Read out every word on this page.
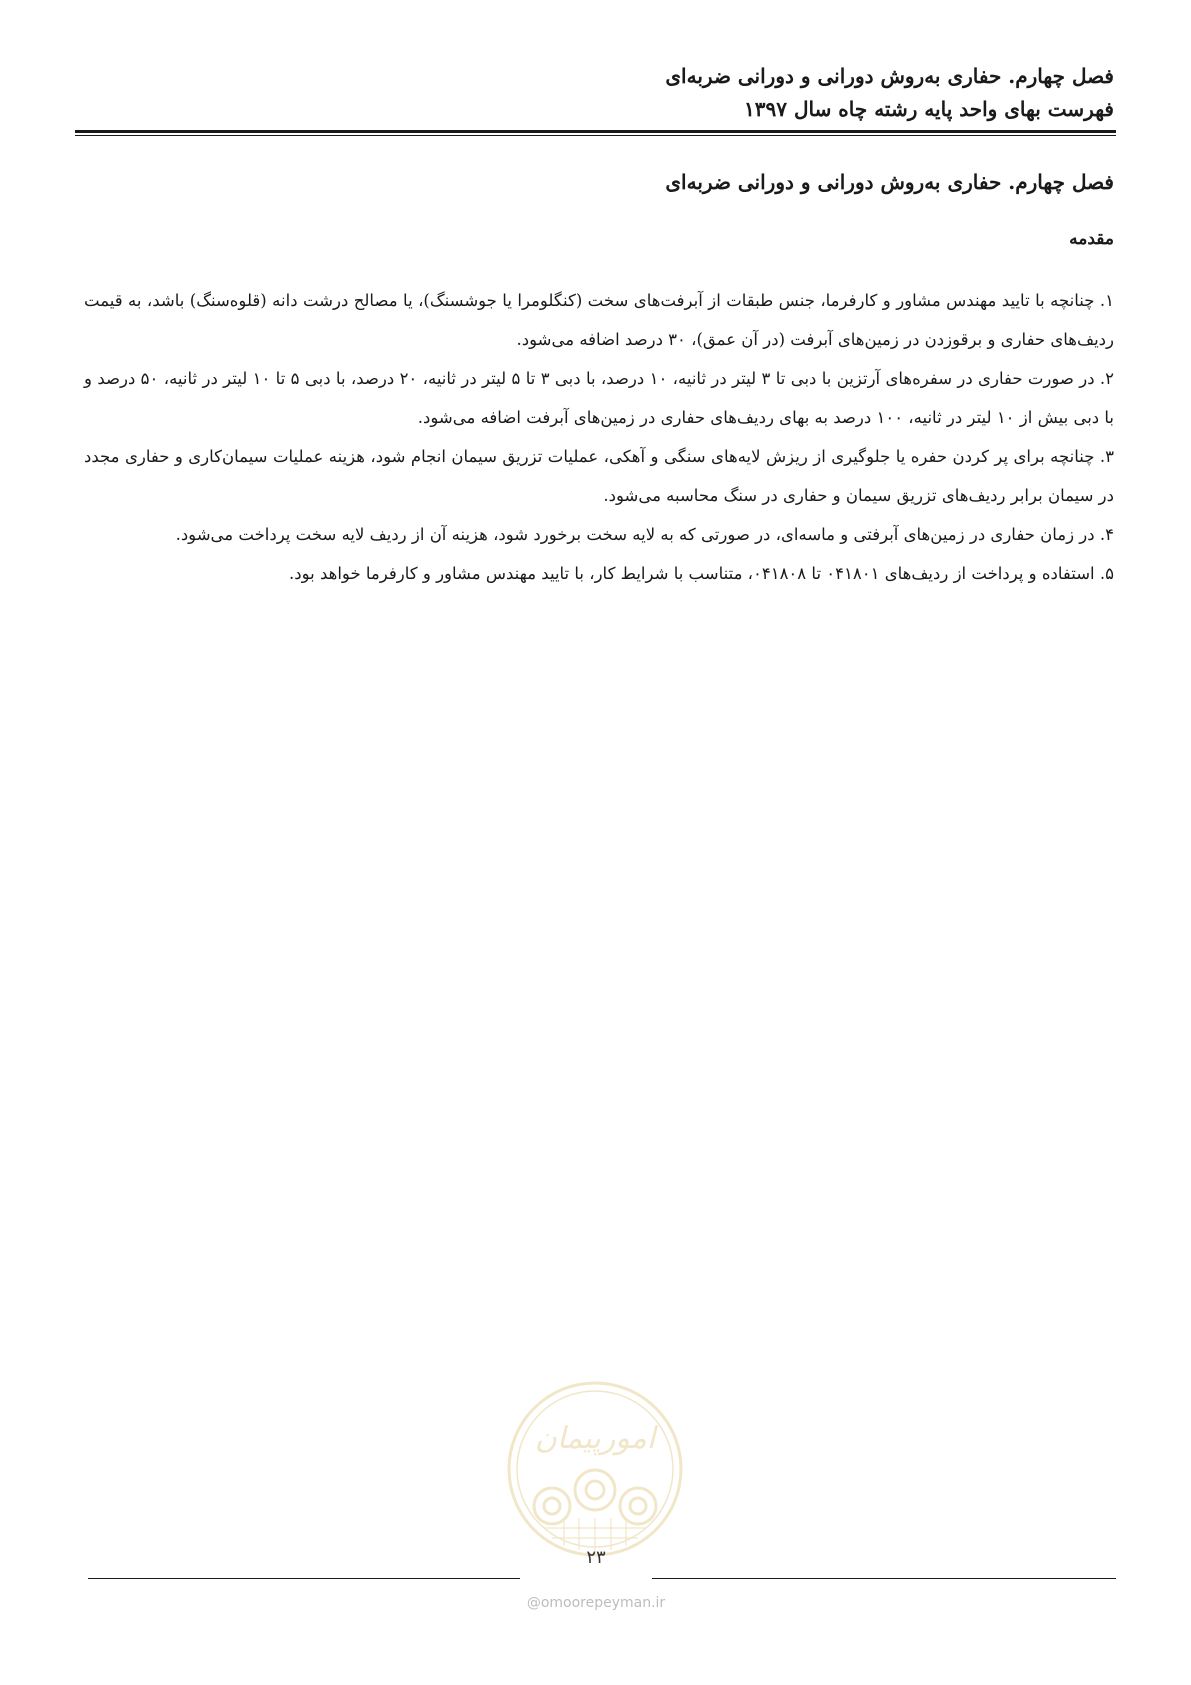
فصل چهارم. حفاری به‌روش دورانی و دورانی ضربه‌ای
فهرست بهای واحد پایه رشته چاه سال ۱۳۹۷
فصل چهارم. حفاری به‌روش دورانی و دورانی ضربه‌ای
مقدمه
۱. چنانچه با تایید مهندس مشاور و کارفرما، جنس طبقات از آبرفت‌های سخت (کنگلومرا یا جوشسنگ)، یا مصالح درشت دانه (قلوه‌سنگ) باشد، به قیمت ردیف‌های حفاری و برقوزدن در زمین‌های آبرفت (در آن عمق)، ۳۰ درصد اضافه می‌شود.
۲. در صورت حفاری در سفره‌های آرتزین با دبی تا ۳ لیتر در ثانیه، ۱۰ درصد، با دبی ۳ تا ۵ لیتر در ثانیه، ۲۰ درصد، با دبی ۵ تا ۱۰ لیتر در ثانیه، ۵۰ درصد و با دبی بیش از ۱۰ لیتر در ثانیه، ۱۰۰ درصد به بهای ردیف‌های حفاری در زمین‌های آبرفت اضافه می‌شود.
۳. چنانچه برای پر کردن حفره یا جلوگیری از ریزش لایه‌های سنگی و آهکی، عملیات تزریق سیمان انجام شود، هزینه عملیات سیمان‌کاری و حفاری مجدد در سیمان برابر ردیف‌های تزریق سیمان و حفاری در سنگ محاسبه می‌شود.
۴. در زمان حفاری در زمین‌های آبرفتی و ماسه‌ای، در صورتی که به لایه سخت برخورد شود، هزینه آن از ردیف لایه سخت پرداخت می‌شود.
۵. استفاده و پرداخت از ردیف‌های ۰۴۱۸۰۱ تا ۰۴۱۸۰۸، متناسب با شرایط کار، با تایید مهندس مشاور و کارفرما خواهد بود.
امورپیمان
۲۳
@omoorepeyman.ir
